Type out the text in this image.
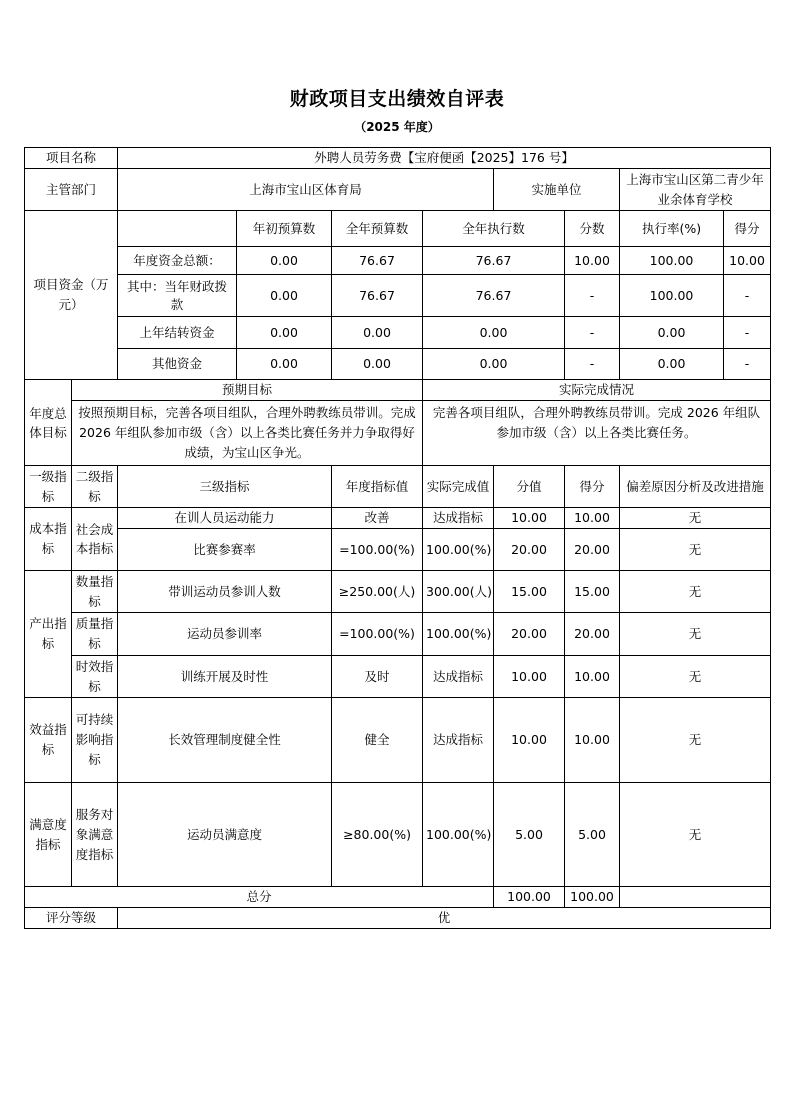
财政项目支出绩效自评表
（2025 年度）
项目名称		外聘人员劳务费【宝府便函【2025】176 号】							
主管部门		上海市宝山区体育局				实施单位		上海市宝山区第二青少年业余体育学校	
项目资金（万元）			年初预算数	全年预算数	全年执行数		分数	执行率(%)	得分
		年度资金总额：	0.00	76.67	76.67		10.00	100.00	10.00
		其中：当年财政拨款	0.00	76.67	76.67		-	100.00	-
		上年结转资金	0.00	0.00	0.00		-	0.00	-
		其他资金	0.00	0.00	0.00		-	0.00	-
年度总体目标	预期目标				实际完成情况				
	按照预期目标，完善各项目组队，合理外聘教练员带训。完成 2026 年组队参加市级（含）以上各类比赛任务并力争取得好成绩，为宝山区争光。				完善各项目组队，合理外聘教练员带训。完成 2026 年组队参加市级（含）以上各类比赛任务。				
一级指标	二级指标	三级指标		年度指标值	实际完成值	分值	得分	偏差原因分析及改进措施	
成本指标	社会成本指标	在训人员运动能力		改善	达成指标	10.00	10.00	无	
		比赛参赛率		=100.00(%)	100.00(%)	20.00	20.00	无	
产出指标	数量指标	带训运动员参训人数		≥250.00(人)	300.00(人)	15.00	15.00	无	
	质量指标	运动员参训率		=100.00(%)	100.00(%)	20.00	20.00	无	
	时效指标	训练开展及时性		及时	达成指标	10.00	10.00	无	
效益指标	可持续影响指标	长效管理制度健全性		健全	达成指标	10.00	10.00	无	
满意度指标	服务对象满意度指标	运动员满意度		≥80.00(%)	100.00(%)	5.00	5.00	无	
总分						100.00	100.00		
评分等级		优							
